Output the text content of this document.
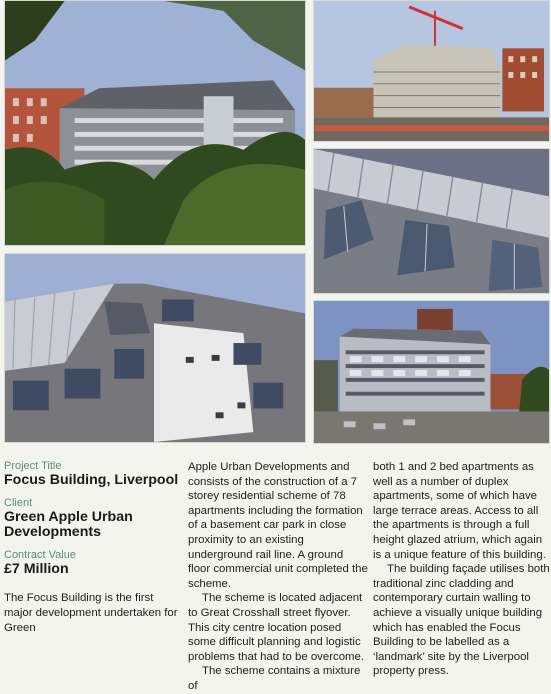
Project Title

Focus Building, Liverpool

Client

Green Apple Urban Developments

Contract Value

£7 Million

The Focus Building is the first major development undertaken for Green

Apple Urban Developments and consists of the construction of a 7 storey residential scheme of 78 apartments including the formation of a basement car park in close proximity to an existing underground rail line. A ground floor commercial unit completed the scheme.

The scheme is located adjacent to Great Crosshall street flyover. This city centre location posed some difficult planning and logistic problems that had to be overcome.

The scheme contains a mixture of

both 1 and 2 bed apartments as well as a number of duplex apartments, some of which have large terrace areas. Access to all the apartments is through a full height glazed atrium, which again is a unique feature of this building.

The building façade utilises both traditional zinc cladding and contemporary curtain walling to achieve a visually unique building which has enabled the Focus Building to be labelled as a ‘landmark’ site by the Liverpool property press.
